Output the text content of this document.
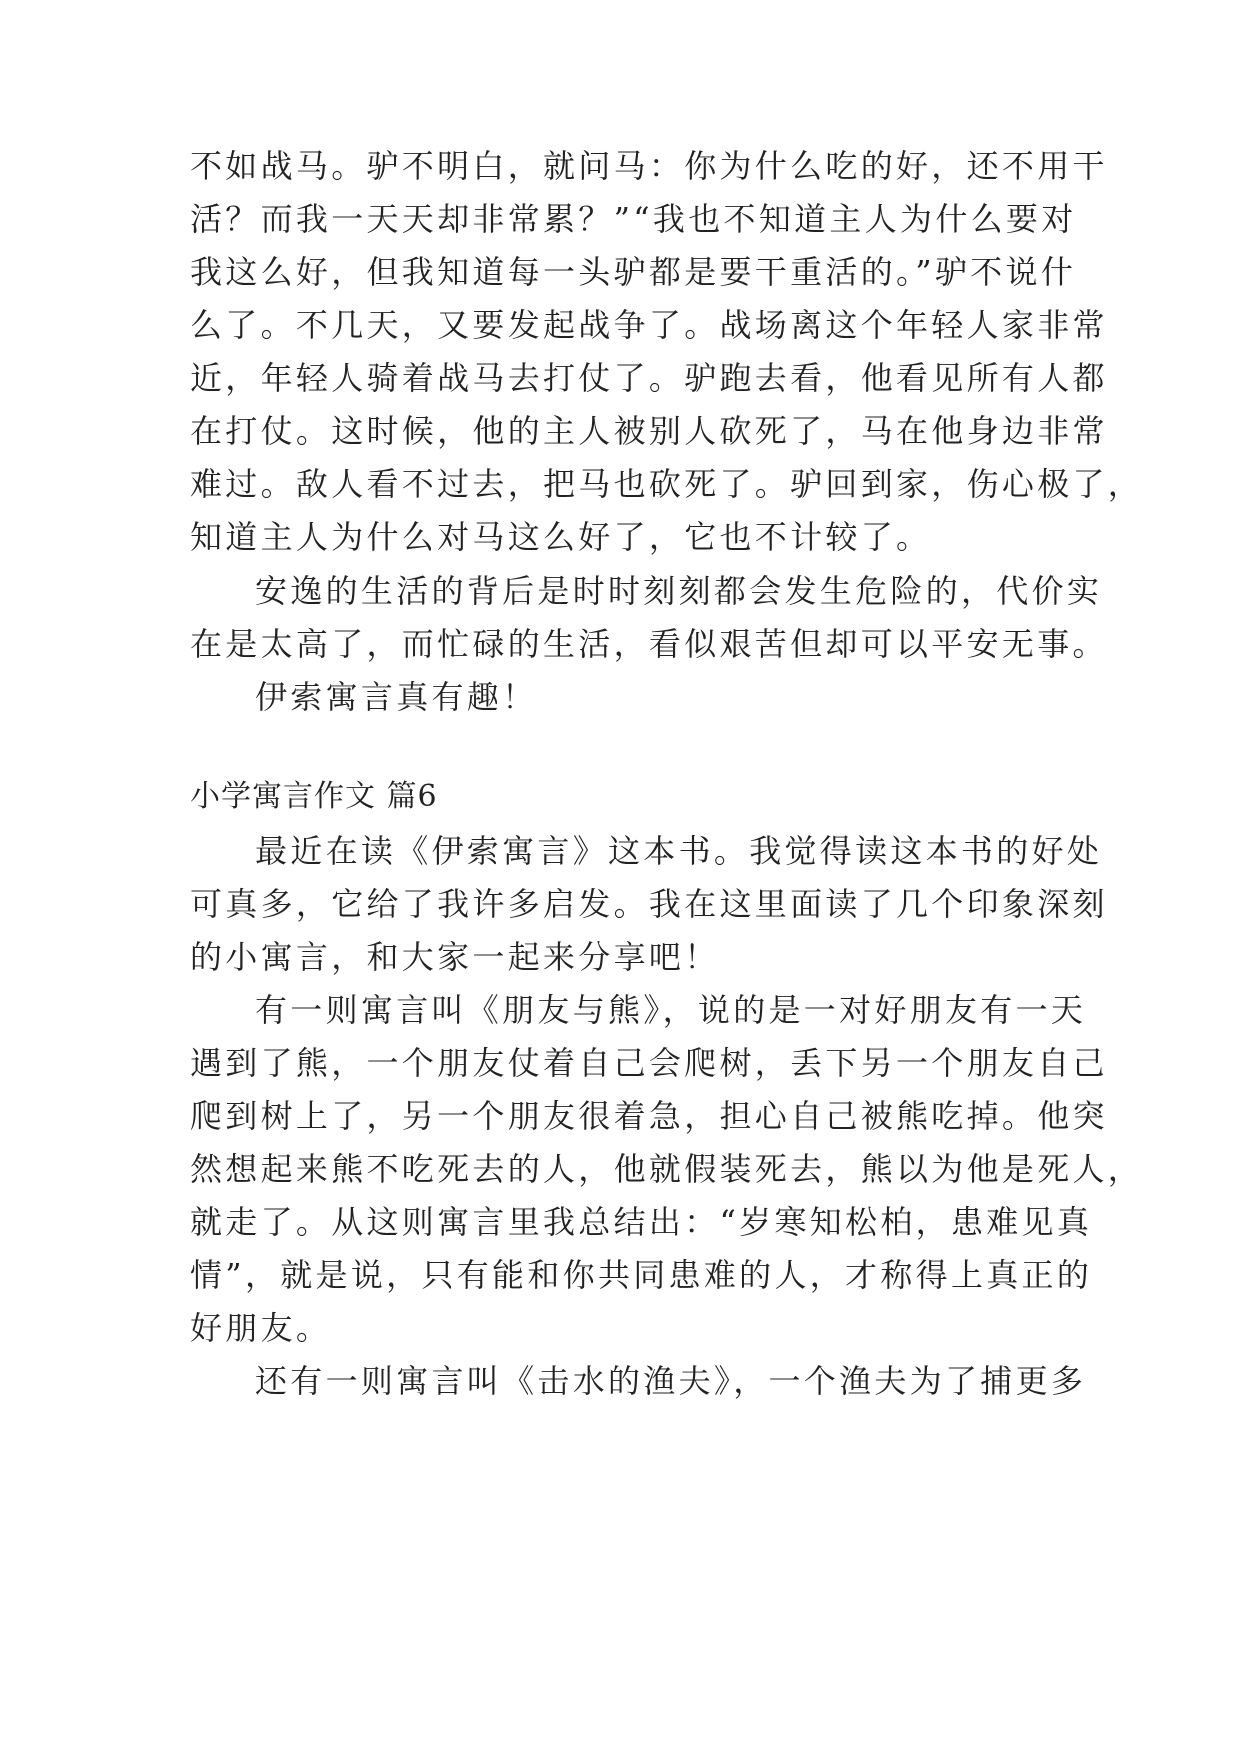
不如战马。驴不明白，就问马：你为什么吃的好，还不用干
活？而我一天天却非常累？”“我也不知道主人为什么要对
我这么好，但我知道每一头驴都是要干重活的。”驴不说什
么了。不几天，又要发起战争了。战场离这个年轻人家非常
近，年轻人骑着战马去打仗了。驴跑去看，他看见所有人都
在打仗。这时候，他的主人被别人砍死了，马在他身边非常
难过。敌人看不过去，把马也砍死了。驴回到家，伤心极了，
知道主人为什么对马这么好了，它也不计较了。
安逸的生活的背后是时时刻刻都会发生危险的，代价实
在是太高了，而忙碌的生活，看似艰苦但却可以平安无事。
伊索寓言真有趣！
小学寓言作文 篇6
最近在读《伊索寓言》这本书。我觉得读这本书的好处
可真多，它给了我许多启发。我在这里面读了几个印象深刻
的小寓言，和大家一起来分享吧！
有一则寓言叫《朋友与熊》，说的是一对好朋友有一天
遇到了熊，一个朋友仗着自己会爬树，丢下另一个朋友自己
爬到树上了，另一个朋友很着急，担心自己被熊吃掉。他突
然想起来熊不吃死去的人，他就假装死去，熊以为他是死人，
就走了。从这则寓言里我总结出：“岁寒知松柏，患难见真
情”，就是说，只有能和你共同患难的人，才称得上真正的
好朋友。
还有一则寓言叫《击水的渔夫》，一个渔夫为了捕更多
